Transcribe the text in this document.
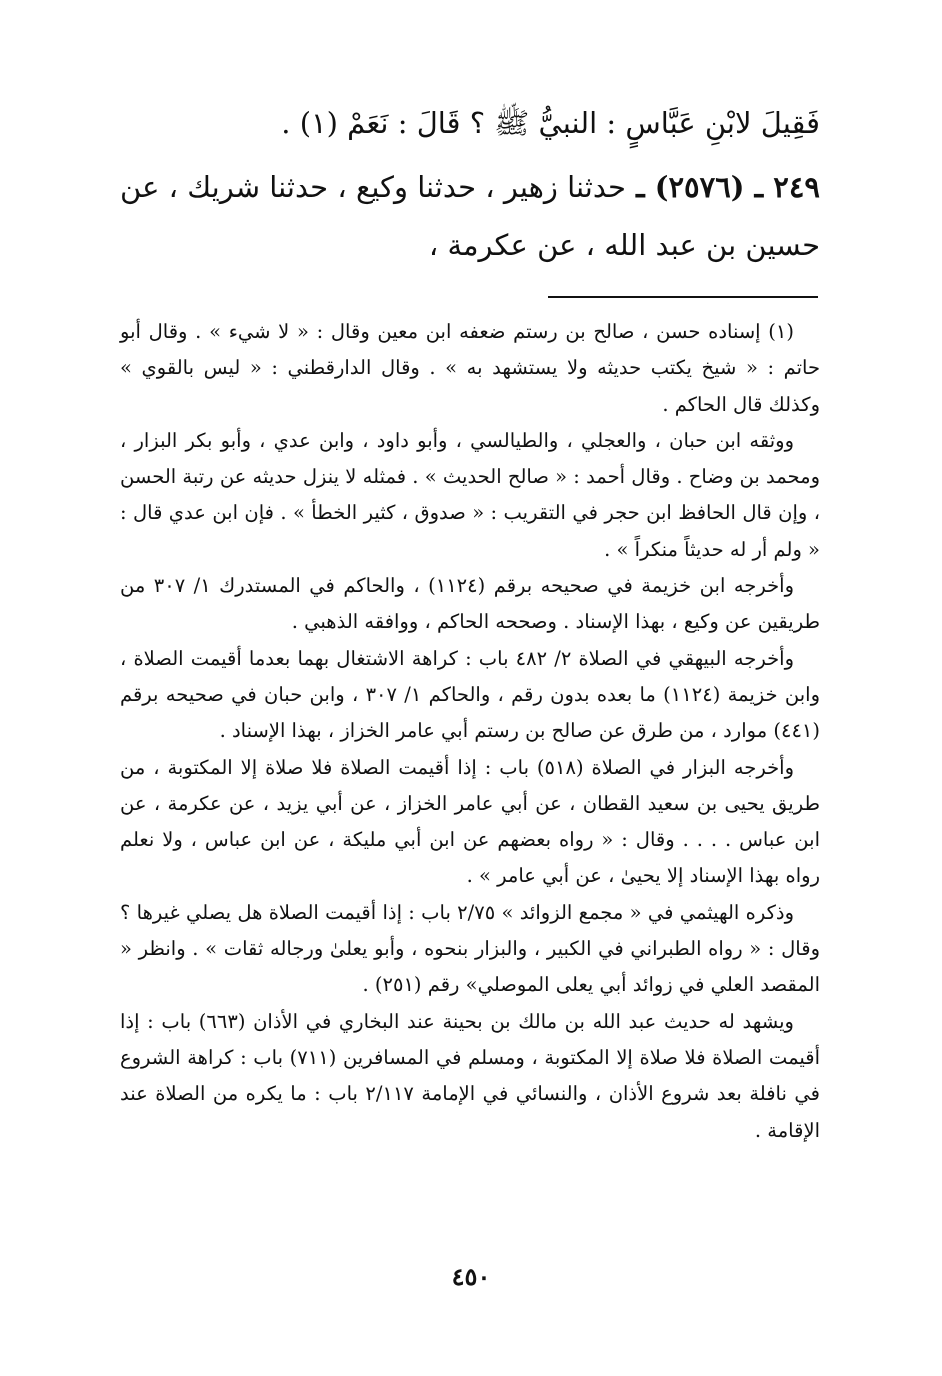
فَقِيلَ لابْنِ عَبَّاسٍ : النبيُّ ﷺ ؟ قَالَ : نَعَمْ (١) .

٢٤٩ ـ (٢٥٧٦) ـ حدثنا زهير ، حدثنا وكيع ، حدثنا شريك ، عن حسين بن عبد الله ، عن عكرمة ،

(١) إسناده حسن ، صالح بن رستم ضعفه ابن معين وقال : « لا شيء » . وقال أبو حاتم : « شيخ يكتب حديثه ولا يستشهد به » . وقال الدارقطني : « ليس بالقوي » وكذلك قال الحاكم .

ووثقه ابن حبان ، والعجلي ، والطيالسي ، وأبو داود ، وابن عدي ، وأبو بكر البزار ، ومحمد بن وضاح . وقال أحمد : « صالح الحديث » . فمثله لا ينزل حديثه عن رتبة الحسن ، وإن قال الحافظ ابن حجر في التقريب : « صدوق ، كثير الخطأ » . فإن ابن عدي قال : « ولم أر له حديثاً منكراً » .

وأخرجه ابن خزيمة في صحيحه برقم (١١٢٤) ، والحاكم في المستدرك ١/ ٣٠٧ من طريقين عن وكيع ، بهذا الإسناد . وصححه الحاكم ، ووافقه الذهبي .

وأخرجه البيهقي في الصلاة ٢/ ٤٨٢ باب : كراهة الاشتغال بهما بعدما أقيمت الصلاة ، وابن خزيمة (١١٢٤) ما بعده بدون رقم ، والحاكم ١/ ٣٠٧ ، وابن حبان في صحيحه برقم (٤٤١) موارد ، من طرق عن صالح بن رستم أبي عامر الخزاز ، بهذا الإسناد .

وأخرجه البزار في الصلاة (٥١٨) باب : إذا أقيمت الصلاة فلا صلاة إلا المكتوبة ، من طريق يحيى بن سعيد القطان ، عن أبي عامر الخزاز ، عن أبي يزيد ، عن عكرمة ، عن ابن عباس . . . . وقال : « رواه بعضهم عن ابن أبي مليكة ، عن ابن عباس ، ولا نعلم رواه بهذا الإسناد إلا يحيىٰ ، عن أبي عامر » .

وذكره الهيثمي في « مجمع الزوائد » ٢/٧٥ باب : إذا أقيمت الصلاة هل يصلي غيرها ؟ وقال : « رواه الطبراني في الكبير ، والبزار بنحوه ، وأبو يعلىٰ ورجاله ثقات » . وانظر « المقصد العلي في زوائد أبي يعلى الموصلي» رقم (٢٥١) .

ويشهد له حديث عبد الله بن مالك بن بحينة عند البخاري في الأذان (٦٦٣) باب : إذا أقيمت الصلاة فلا صلاة إلا المكتوبة ، ومسلم في المسافرين (٧١١) باب : كراهة الشروع في نافلة بعد شروع الأذان ، والنسائي في الإمامة ٢/١١٧ باب : ما يكره من الصلاة عند الإقامة .

٤٥٠
